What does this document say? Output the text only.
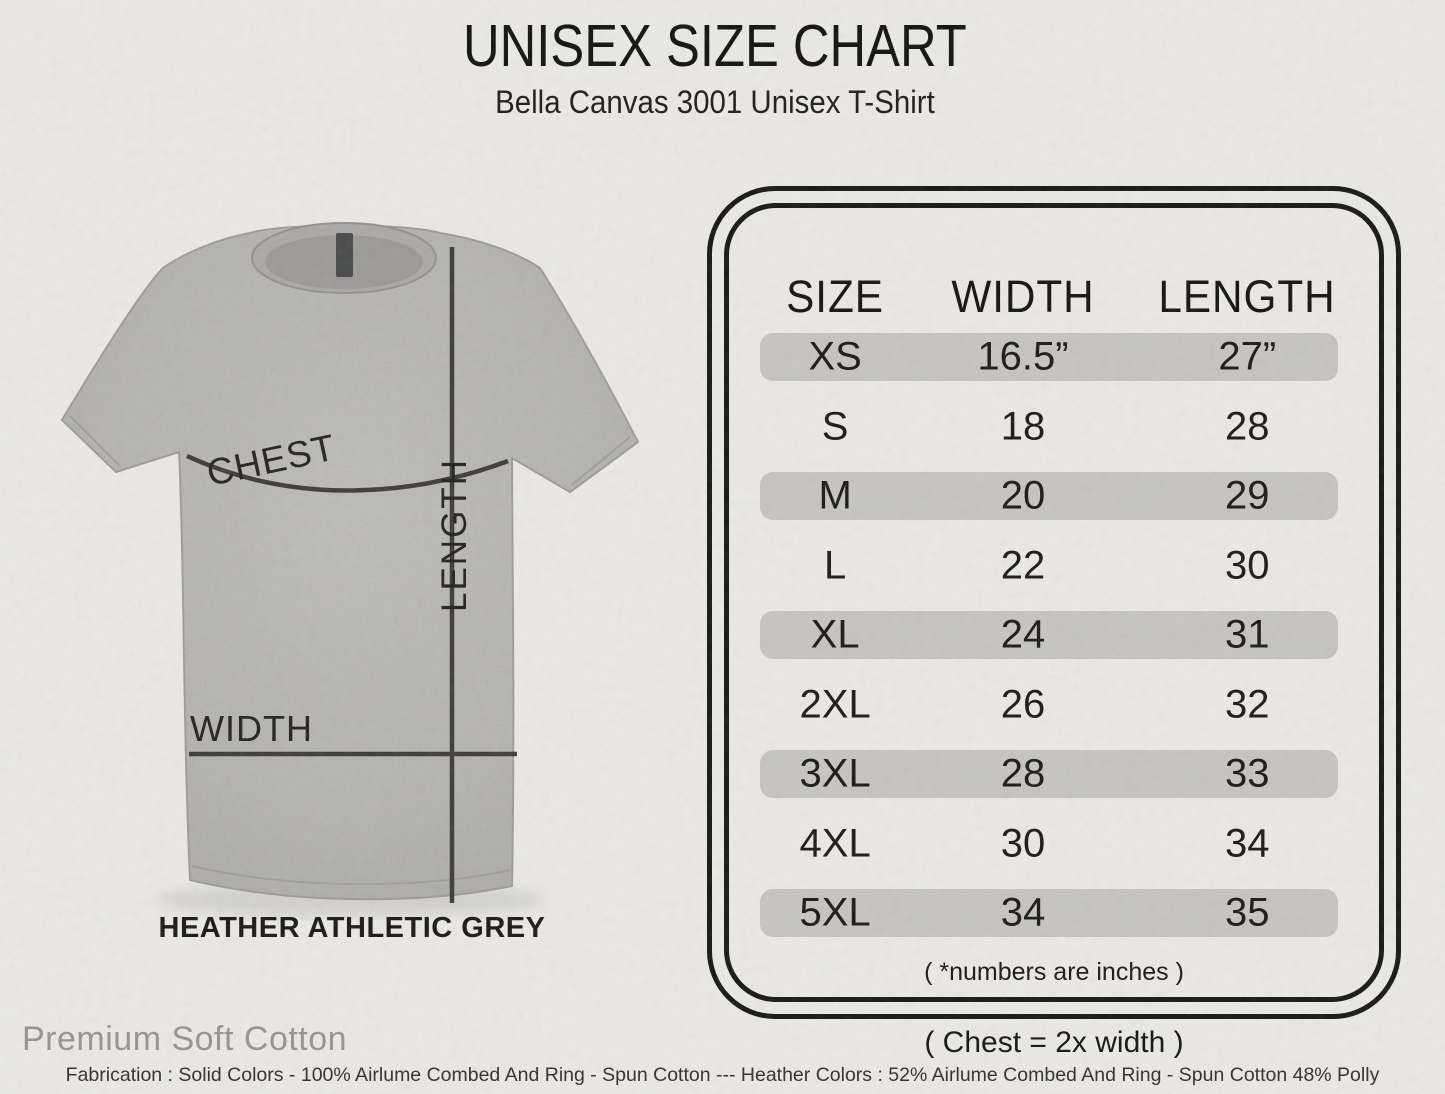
UNISEX SIZE CHART
Bella Canvas 3001 Unisex T-Shirt
CHEST	LENGTH
WIDTH
HEATHER ATHLETIC GREY
SIZE WIDTH LENGTH
XS	16.5”	27”
S	18	28
M	20	29
L	22	30
XL	24	31
2XL	26	32
3XL	28	33
4XL	30	34
5XL	34	35
( *numbers are inches )
( Chest = 2x width )
Premium Soft Cotton
Fabrication : Solid Colors - 100% Airlume Combed And Ring - Spun Cotton --- Heather Colors : 52% Airlume Combed And Ring - Spun Cotton 48% Polly
